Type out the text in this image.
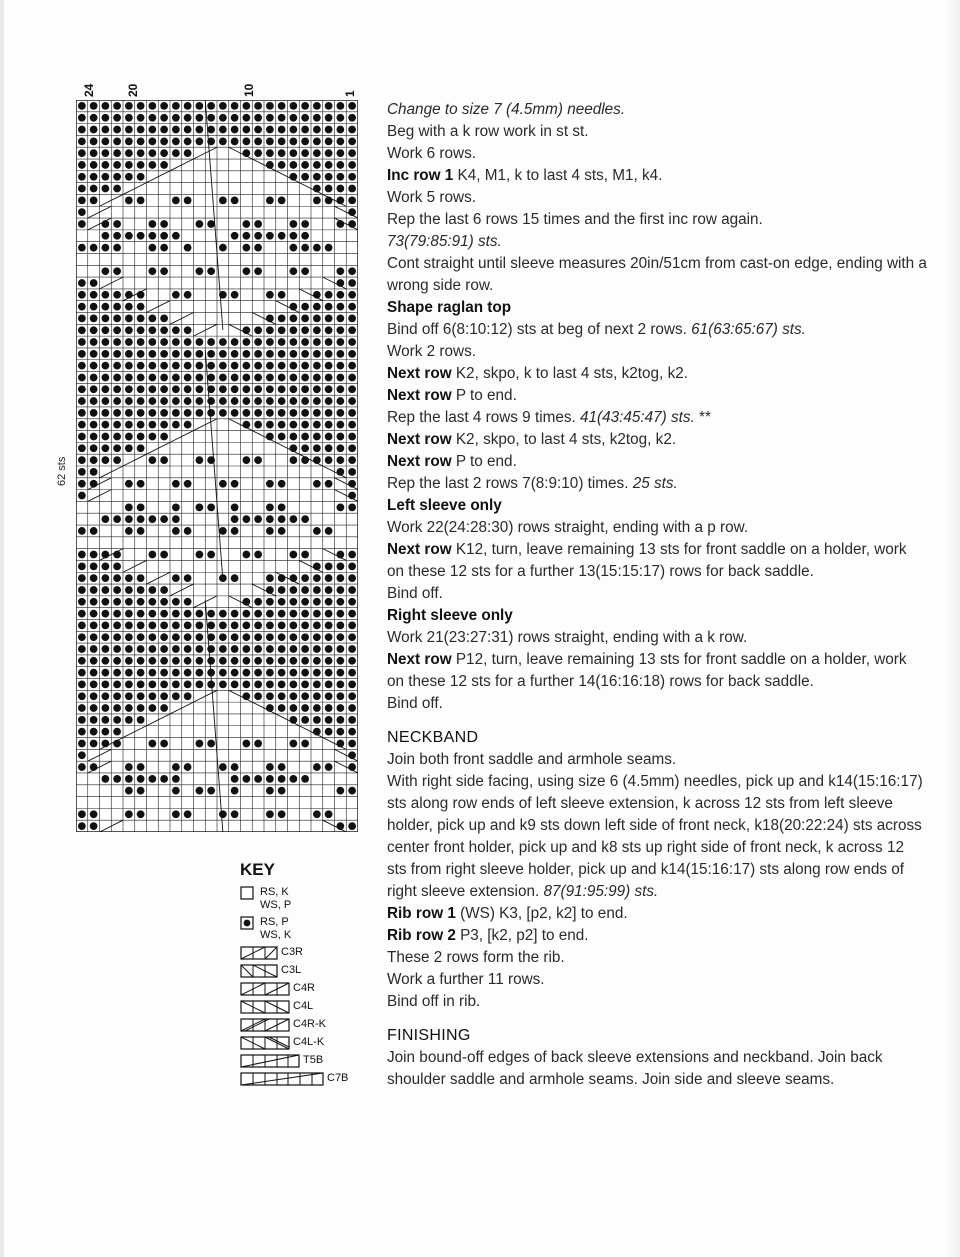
24	20	10	1
62 sts
KEY
RS, K
WS, P
RS, P
WS, K
C3R
C3L
C4R
C4L
C4R-K
C4L-K
T5B
C7B

Change to size 7 (4.5mm) needles.

Beg with a k row work in st st.

Work 6 rows.

Inc row 1 K4, M1, k to last 4 sts, M1, k4.

Work 5 rows.

Rep the last 6 rows 15 times and the first inc row again.

73(79:85:91) sts.

Cont straight until sleeve measures 20in/51cm from cast-on edge, ending with a wrong side row.

Shape raglan top

Bind off 6(8:10:12) sts at beg of next 2 rows. 61(63:65:67) sts.

Work 2 rows.

Next row K2, skpo, k to last 4 sts, k2tog, k2.

Next row P to end.

Rep the last 4 rows 9 times. 41(43:45:47) sts. **

Next row K2, skpo, to last 4 sts, k2tog, k2.

Next row P to end.

Rep the last 2 rows 7(8:9:10) times. 25 sts.

Left sleeve only

Work 22(24:28:30) rows straight, ending with a p row.

Next row K12, turn, leave remaining 13 sts for front saddle on a holder, work on these 12 sts for a further 13(15:15:17) rows for back saddle.

Bind off.

Right sleeve only

Work 21(23:27:31) rows straight, ending with a k row.

Next row P12, turn, leave remaining 13 sts for front saddle on a holder, work on these 12 sts for a further 14(16:16:18) rows for back saddle.

Bind off.

NECKBAND

Join both front saddle and armhole seams.

With right side facing, using size 6 (4.5mm) needles, pick up and k14(15:16:17) sts along row ends of left sleeve extension, k across 12 sts from left sleeve holder, pick up and k9 sts down left side of front neck, k18(20:22:24) sts across center front holder, pick up and k8 sts up right side of front neck, k across 12 sts from right sleeve holder, pick up and k14(15:16:17) sts along row ends of right sleeve extension. 87(91:95:99) sts.

Rib row 1 (WS) K3, [p2, k2] to end.

Rib row 2 P3, [k2, p2] to end.

These 2 rows form the rib.

Work a further 11 rows.

Bind off in rib.

FINISHING

Join bound-off edges of back sleeve extensions and neckband. Join back shoulder saddle and armhole seams. Join side and sleeve seams.
